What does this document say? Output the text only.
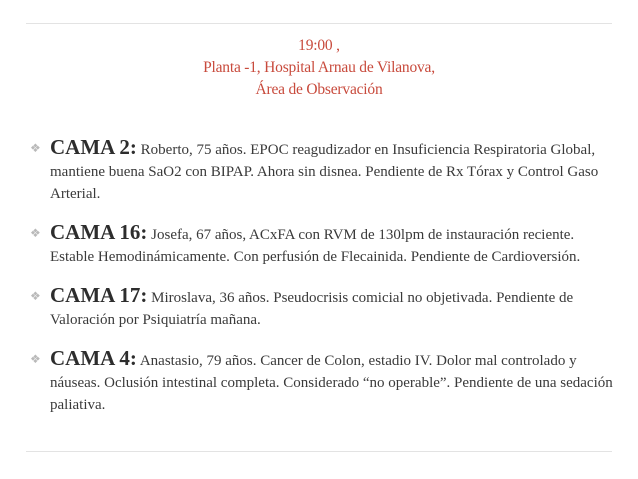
19:00 ,
Planta -1, Hospital Arnau de Vilanova,
Área de Observación
❖ CAMA 2: Roberto, 75 años. EPOC reagudizador en Insuficiencia Respiratoria Global, mantiene buena SaO2 con BIPAP. Ahora sin disnea. Pendiente de Rx Tórax y Control Gaso Arterial.
❖ CAMA 16: Josefa, 67 años, ACxFA con RVM de 130lpm de instauración reciente. Estable Hemodinámicamente. Con perfusión de Flecainida. Pendiente de Cardioversión.
❖ CAMA 17: Miroslava, 36 años. Pseudocrisis comicial no objetivada. Pendiente de Valoración por Psiquiatría mañana.
❖ CAMA 4: Anastasio, 79 años. Cancer de Colon, estadio IV. Dolor mal controlado y náuseas. Oclusión intestinal completa. Considerado “no operable”. Pendiente de una sedación paliativa.
